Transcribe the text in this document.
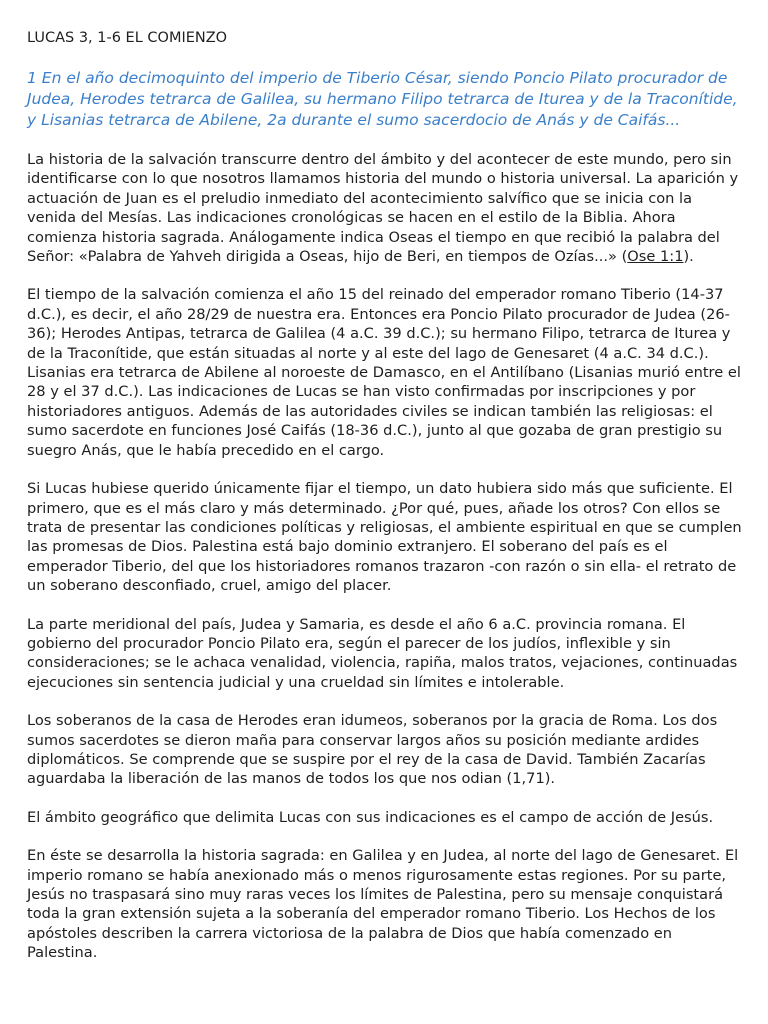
LUCAS 3, 1-6 EL COMIENZO
1 En el año decimoquinto del imperio de Tiberio César, siendo Poncio Pilato procurador de Judea, Herodes tetrarca de Galilea, su hermano Filipo tetrarca de Iturea y de la Traconítide, y Lisanias tetrarca de Abilene, 2a durante el sumo sacerdocio de Anás y de Caifás...

La historia de la salvación transcurre dentro del ámbito y del acontecer de este mundo, pero sin identificarse con lo que nosotros llamamos historia del mundo o historia universal. La aparición y actuación de Juan es el preludio inmediato del acontecimiento salvífico que se inicia con la venida del Mesías. Las indicaciones cronológicas se hacen en el estilo de la Biblia. Ahora comienza historia sagrada. Análogamente indica Oseas el tiempo en que recibió la palabra del Señor: «Palabra de Yahveh dirigida a Oseas, hijo de Beri, en tiempos de Ozías...» (Ose 1:1).

El tiempo de la salvación comienza el año 15 del reinado del emperador romano Tiberio (14-37 d.C.), es decir, el año 28/29 de nuestra era. Entonces era Poncio Pilato procurador de Judea (26-36); Herodes Antipas, tetrarca de Galilea (4 a.C. 39 d.C.); su hermano Filipo, tetrarca de Iturea y de la Traconítide, que están situadas al norte y al este del lago de Genesaret (4 a.C. 34 d.C.). Lisanias era tetrarca de Abilene al noroeste de Damasco, en el Antilíbano (Lisanias murió entre el 28 y el 37 d.C.). Las indicaciones de Lucas se han visto confirmadas por inscripciones y por historiadores antiguos. Además de las autoridades civiles se indican también las religiosas: el sumo sacerdote en funciones José Caifás (18-36 d.C.), junto al que gozaba de gran prestigio su suegro Anás, que le había precedido en el cargo.

Si Lucas hubiese querido únicamente fijar el tiempo, un dato hubiera sido más que suficiente. El primero, que es el más claro y más determinado. ¿Por qué, pues, añade los otros? Con ellos se trata de presentar las condiciones políticas y religiosas, el ambiente espiritual en que se cumplen las promesas de Dios. Palestina está bajo dominio extranjero. El soberano del país es el emperador Tiberio, del que los historiadores romanos trazaron -con razón o sin ella- el retrato de un soberano desconfiado, cruel, amigo del placer.

La parte meridional del país, Judea y Samaria, es desde el año 6 a.C. provincia romana. El gobierno del procurador Poncio Pilato era, según el parecer de los judíos, inflexible y sin consideraciones; se le achaca venalidad, violencia, rapiña, malos tratos, vejaciones, continuadas ejecuciones sin sentencia judicial y una crueldad sin límites e intolerable.

Los soberanos de la casa de Herodes eran idumeos, soberanos por la gracia de Roma. Los dos sumos sacerdotes se dieron maña para conservar largos años su posición mediante ardides diplomáticos. Se comprende que se suspire por el rey de la casa de David. También Zacarías aguardaba la liberación de las manos de todos los que nos odian (1,71).

El ámbito geográfico que delimita Lucas con sus indicaciones es el campo de acción de Jesús.

En éste se desarrolla la historia sagrada: en Galilea y en Judea, al norte del lago de Genesaret. El imperio romano se había anexionado más o menos rigurosamente estas regiones. Por su parte, Jesús no traspasará sino muy raras veces los límites de Palestina, pero su mensaje conquistará toda la gran extensión sujeta a la soberanía del emperador romano Tiberio. Los Hechos de los apóstoles describen la carrera victoriosa de la palabra de Dios que había comenzado en Palestina.
